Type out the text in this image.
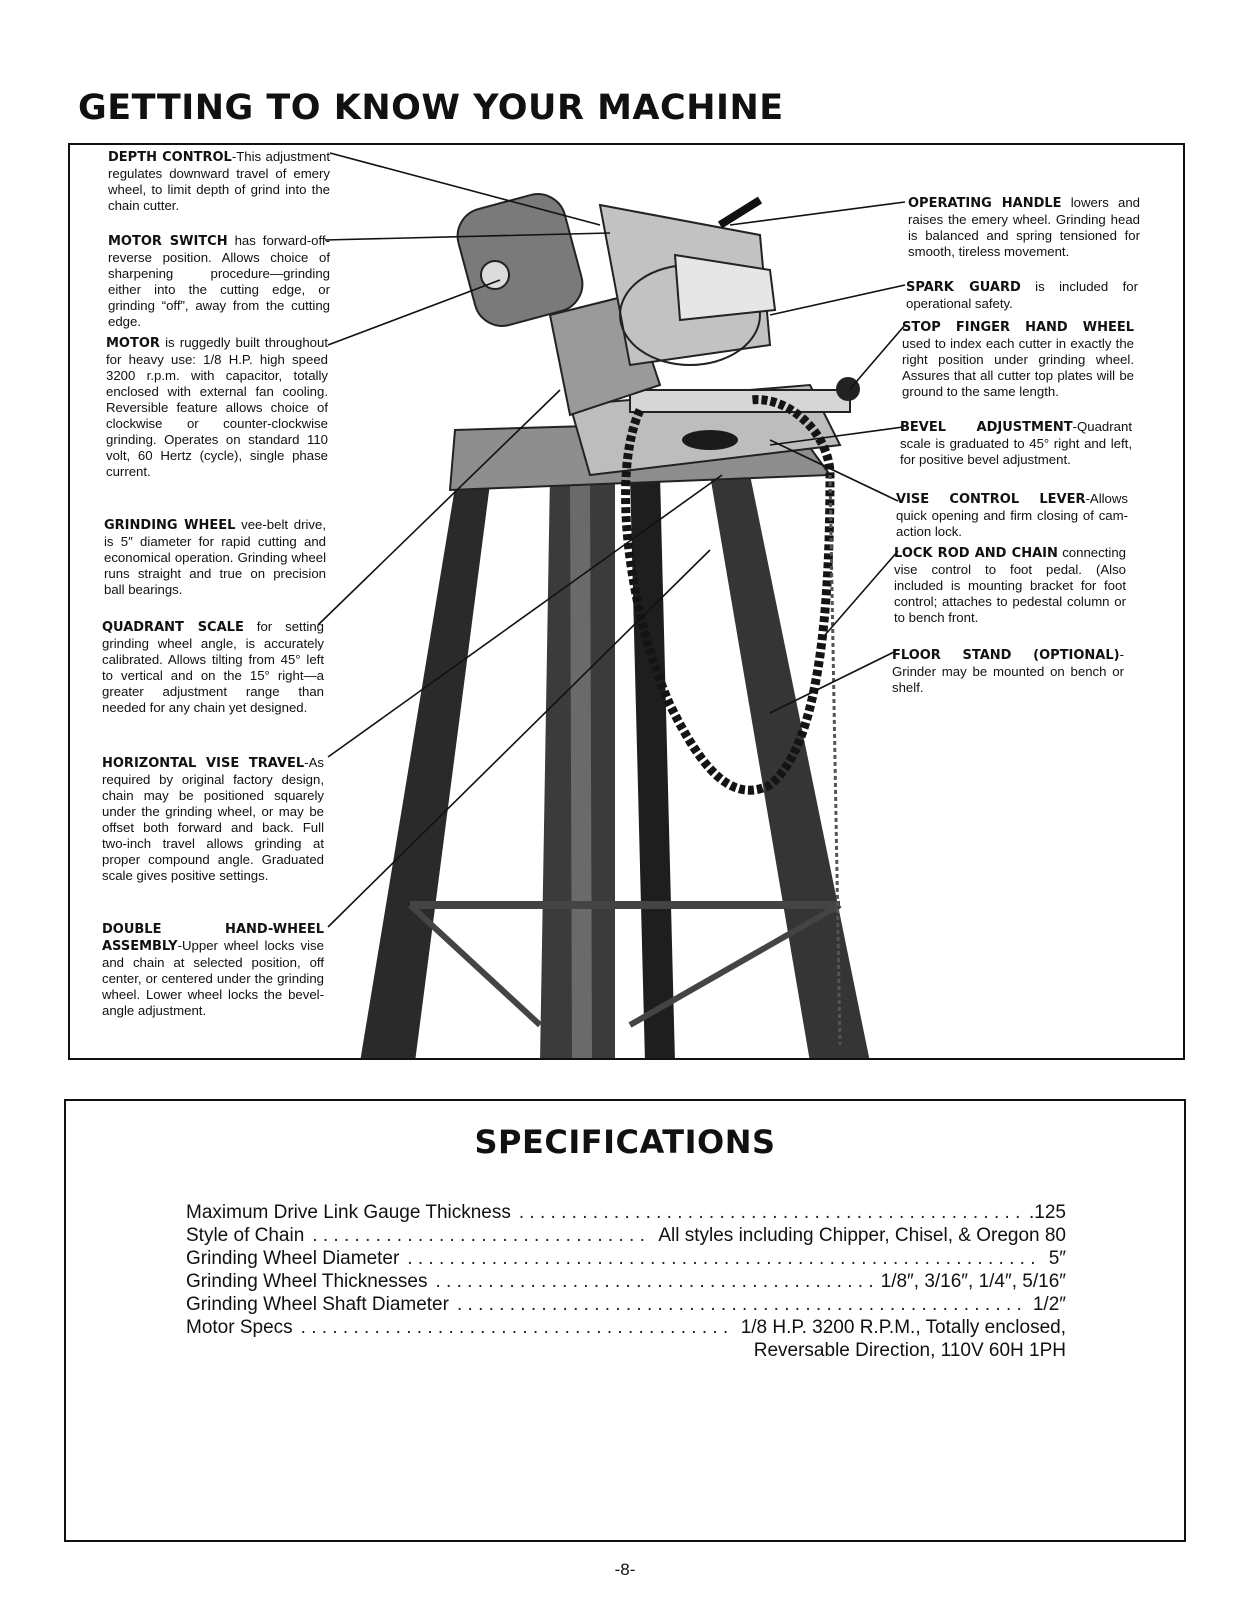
GETTING TO KNOW YOUR MACHINE
DEPTH CONTROL-This adjustment regulates downward travel of emery wheel, to limit depth of grind into the chain cutter.
MOTOR SWITCH has forward-off-reverse position. Allows choice of sharpening procedure—grinding either into the cutting edge, or grinding “off”, away from the cutting edge.
MOTOR is ruggedly built throughout for heavy use: 1/8 H.P. high speed 3200 r.p.m. with capacitor, totally enclosed with external fan cooling. Reversible feature allows choice of clockwise or counter-clockwise grinding. Operates on standard 110 volt, 60 Hertz (cycle), single phase current.
GRINDING WHEEL vee-belt drive, is 5″ diameter for rapid cutting and economical operation. Grinding wheel runs straight and true on precision ball bearings.
QUADRANT SCALE for setting grinding wheel angle, is accurately calibrated. Allows tilting from 45° left to vertical and on the 15° right—a greater adjustment range than needed for any chain yet designed.
HORIZONTAL VISE TRAVEL-As required by original factory design, chain may be positioned squarely under the grinding wheel, or may be offset both forward and back. Full two-inch travel allows grinding at proper compound angle. Graduated scale gives positive settings.
DOUBLE HAND-WHEEL ASSEMBLY-Upper wheel locks vise and chain at selected position, off center, or centered under the grinding wheel. Lower wheel locks the bevel-angle adjustment.
OPERATING HANDLE lowers and raises the emery wheel. Grinding head is balanced and spring tensioned for smooth, tireless movement.
SPARK GUARD is included for operational safety.
STOP FINGER HAND WHEEL used to index each cutter in exactly the right position under grinding wheel. Assures that all cutter top plates will be ground to the same length.
BEVEL ADJUSTMENT-Quadrant scale is graduated to 45° right and left, for positive bevel adjustment.
VISE CONTROL LEVER-Allows quick opening and firm closing of cam-action lock.
LOCK ROD AND CHAIN connecting vise control to foot pedal. (Also included is mounting bracket for foot control; attaches to pedestal column or to bench front.
FLOOR STAND (OPTIONAL)-Grinder may be mounted on bench or shelf.
SPECIFICATIONS
Maximum Drive Link Gauge Thickness . . .	.125
Style of Chain . . .	All styles including Chipper, Chisel, & Oregon 80
Grinding Wheel Diameter . . .	5″
Grinding Wheel Thicknesses . . .	1/8″, 3/16″, 1/4″, 5/16″
Grinding Wheel Shaft Diameter . . .	1/2″
Motor Specs . . .	1/8 H.P. 3200 R.P.M., Totally enclosed,
Reversable Direction, 110V 60H 1PH
-8-
